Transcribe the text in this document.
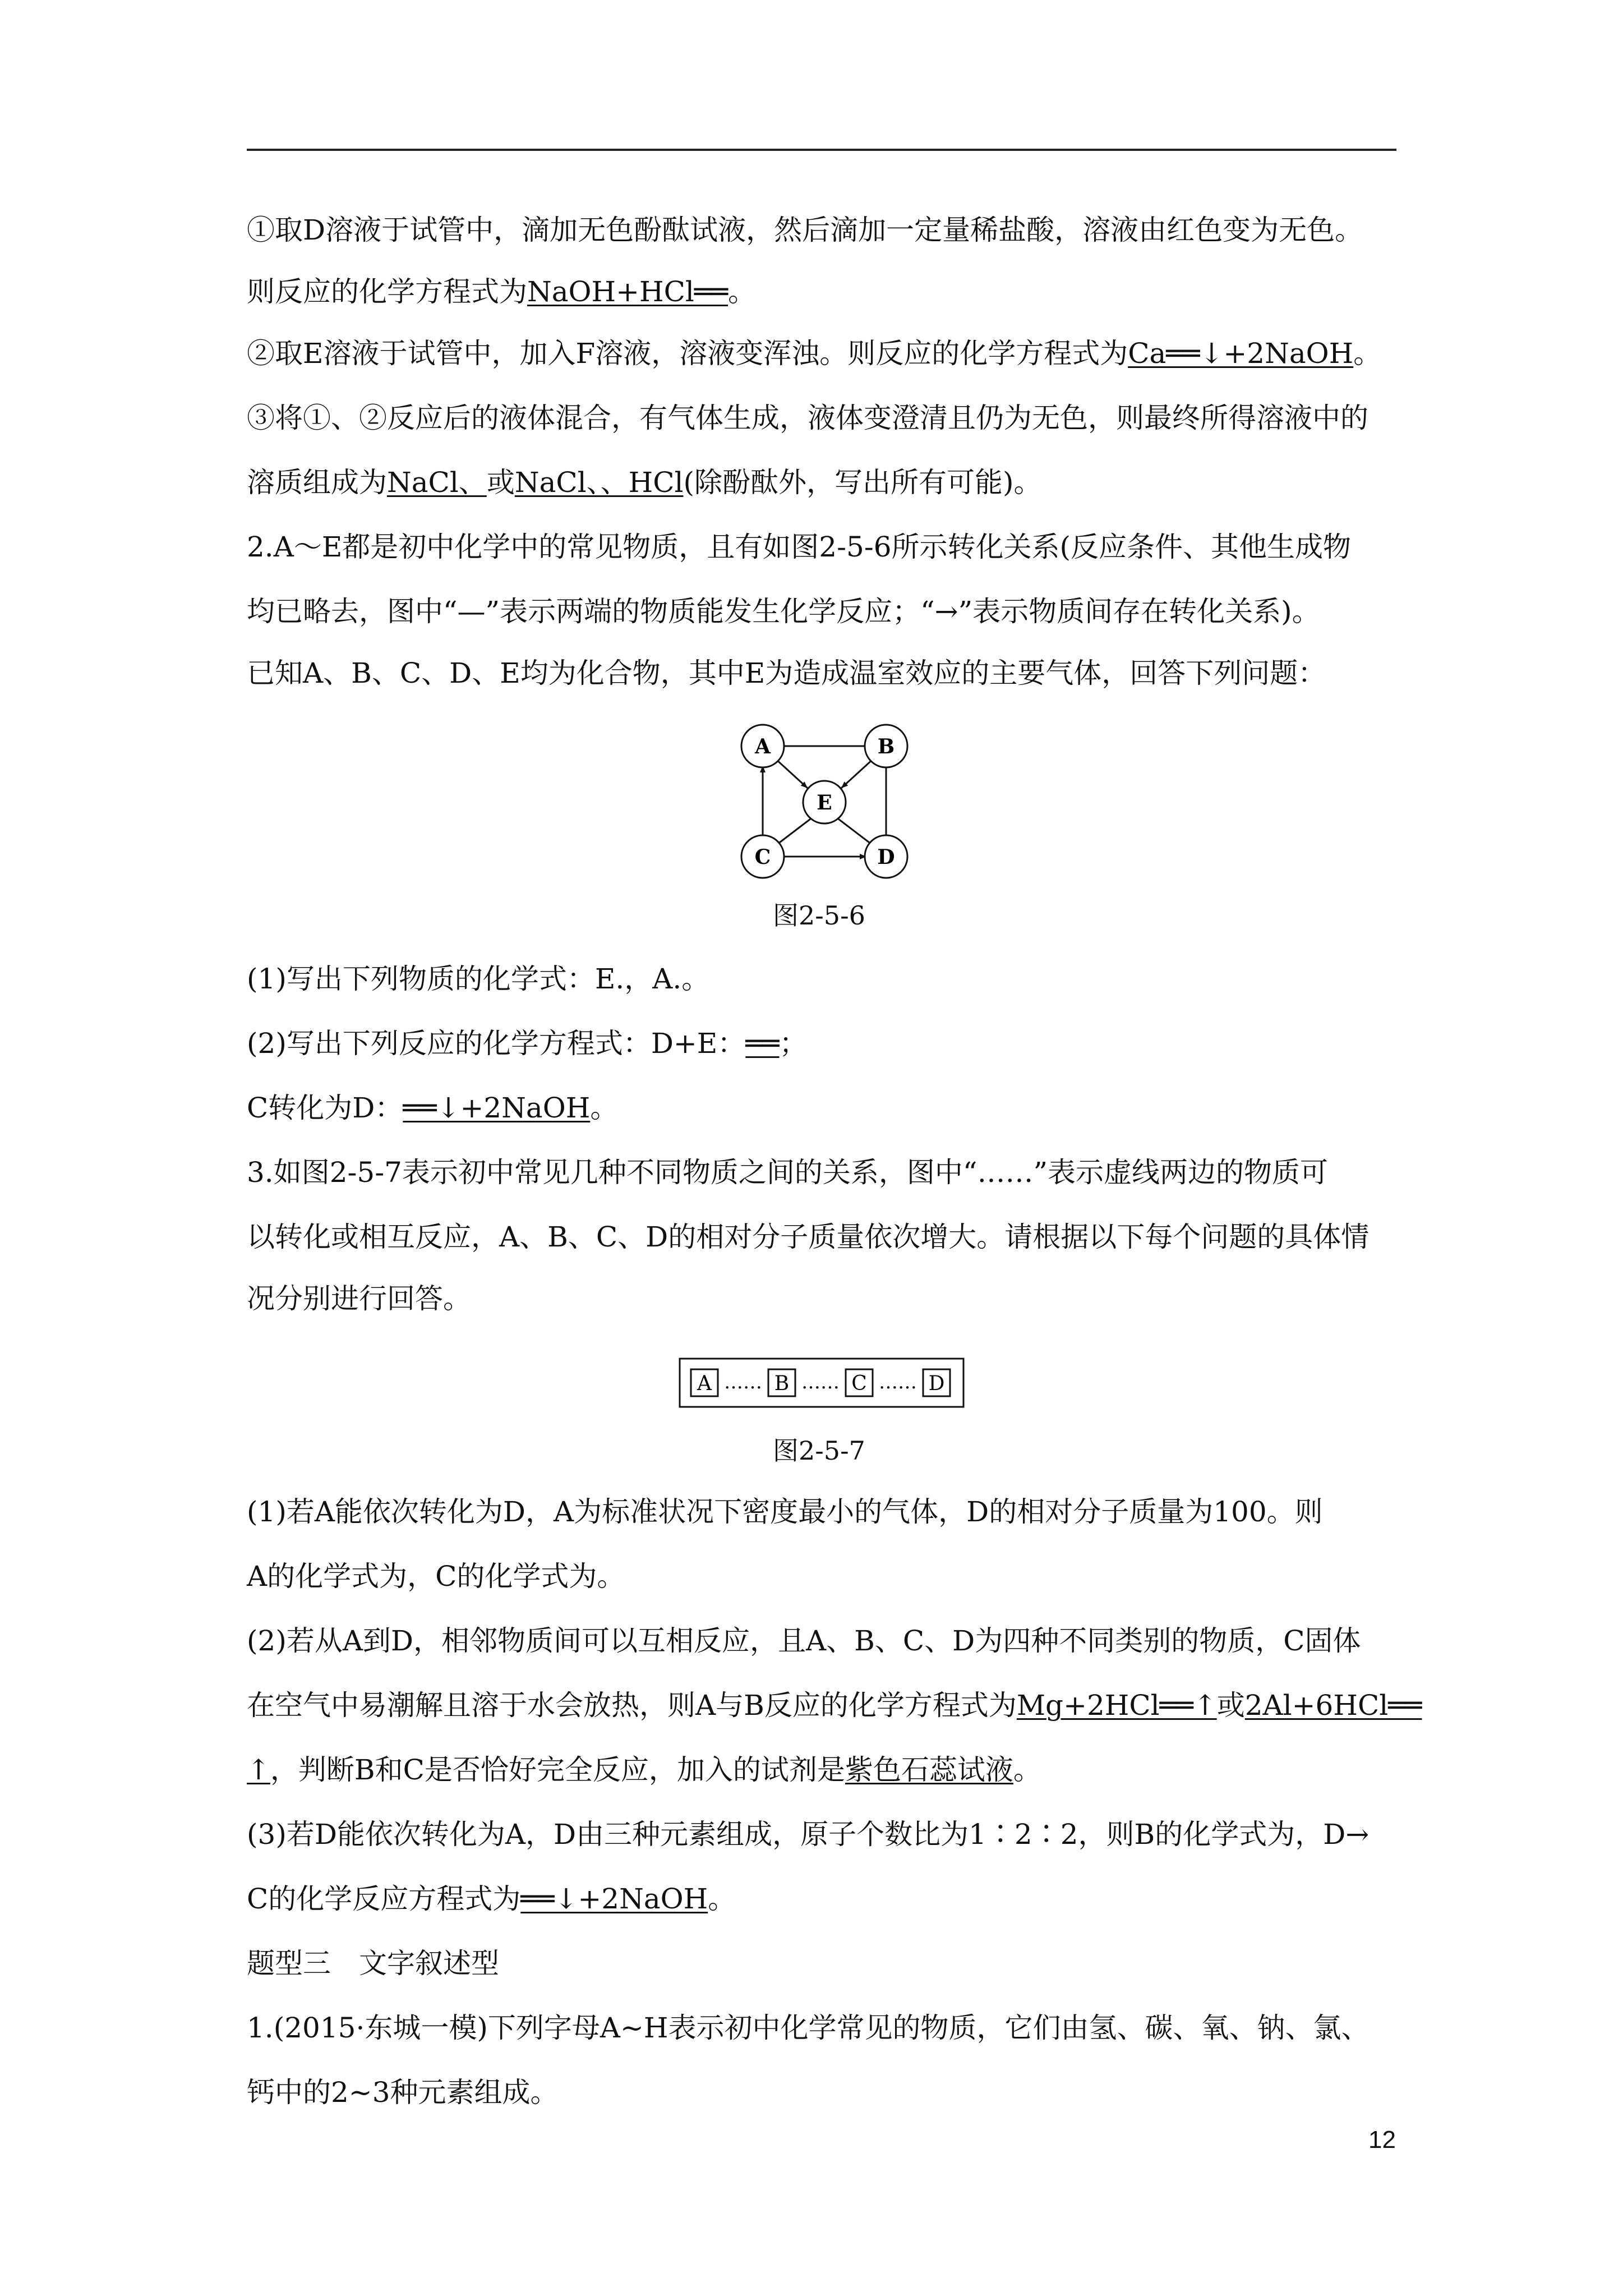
①取D溶液于试管中，滴加无色酚酞试液，然后滴加一定量稀盐酸，溶液由红色变为无色。
则反应的化学方程式为NaOH+HCl══。
②取E溶液于试管中，加入F溶液，溶液变浑浊。则反应的化学方程式为Ca══↓+2NaOH。
③将①、②反应后的液体混合，有气体生成，液体变澄清且仍为无色，则最终所得溶液中的
溶质组成为NaCl、或NaCl、、HCl(除酚酞外，写出所有可能)。
2.A～E都是初中化学中的常见物质，且有如图2-5-6所示转化关系(反应条件、其他生成物
均已略去，图中“—”表示两端的物质能发生化学反应；“→”表示物质间存在转化关系)。
已知A、B、C、D、E均为化合物，其中E为造成温室效应的主要气体，回答下列问题：
(1)写出下列物质的化学式：E.，A.。
(2)写出下列反应的化学方程式：D+E：══；
C转化为D：══↓+2NaOH。
3.如图2-5-7表示初中常见几种不同物质之间的关系，图中“……”表示虚线两边的物质可
以转化或相互反应，A、B、C、D的相对分子质量依次增大。请根据以下每个问题的具体情
况分别进行回答。
(1)若A能依次转化为D，A为标准状况下密度最小的气体，D的相对分子质量为100。则
A的化学式为，C的化学式为。
(2)若从A到D，相邻物质间可以互相反应，且A、B、C、D为四种不同类别的物质，C固体
在空气中易潮解且溶于水会放热，则A与B反应的化学方程式为Mg+2HCl══↑或2Al+6HCl══
↑，判断B和C是否恰好完全反应，加入的试剂是紫色石蕊试液。
(3)若D能依次转化为A，D由三种元素组成，原子个数比为1∶2∶2，则B的化学式为，D→
C的化学反应方程式为══↓+2NaOH。
题型三　文字叙述型
1.(2015·东城一模)下列字母A~H表示初中化学常见的物质，它们由氢、碳、氧、钠、氯、
钙中的2~3种元素组成。
A	B
E
C	D
图2-5-6
A …… B …… C …… D
图2-5-7
12
